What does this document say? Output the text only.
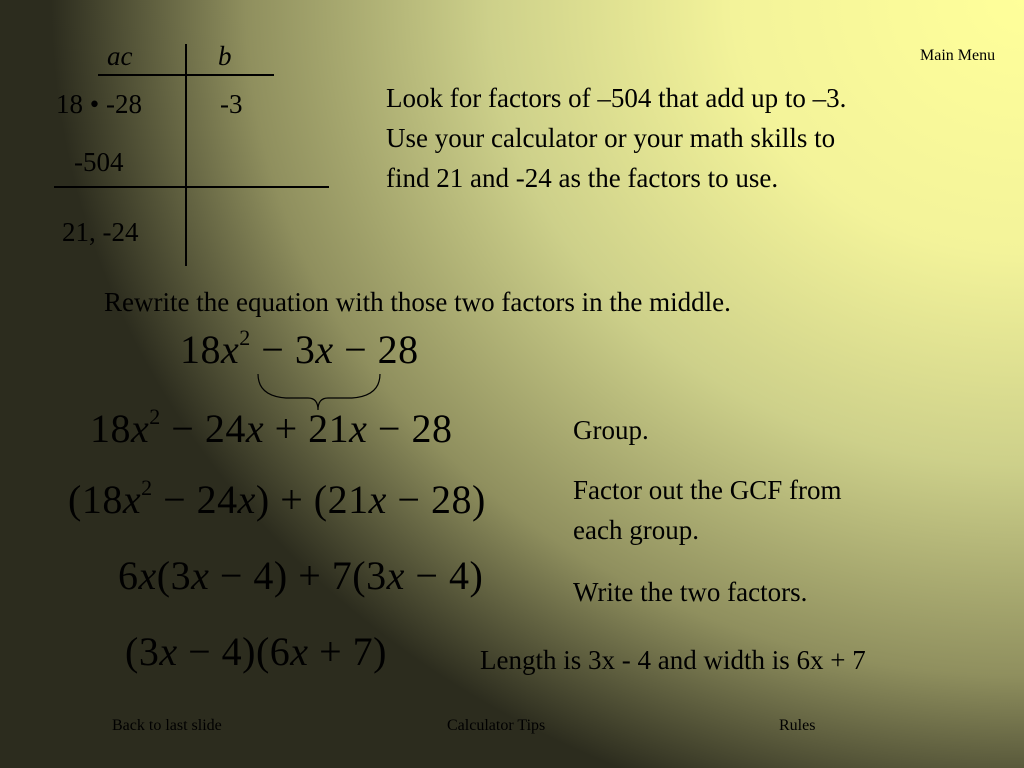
ac	b
18 • -28	-3
-504
21, -24
Main Menu
Look for factors of –504 that add up to –3. Use your calculator or your math skills to find 21 and -24 as the factors to use.
Rewrite the equation with those two factors in the middle.
$18x^2 - 3x - 28$
$18x^2 - 24x + 21x - 28$	Group.
$(18x^2 - 24x) + (21x - 28)$	Factor out the GCF from each group.
6x(3x − 4) + 7(3x − 4)	Write the two factors.
(3x − 4)(6x + 7)	Length is 3x - 4 and width is 6x + 7
Back to last slide	Calculator Tips	Rules
